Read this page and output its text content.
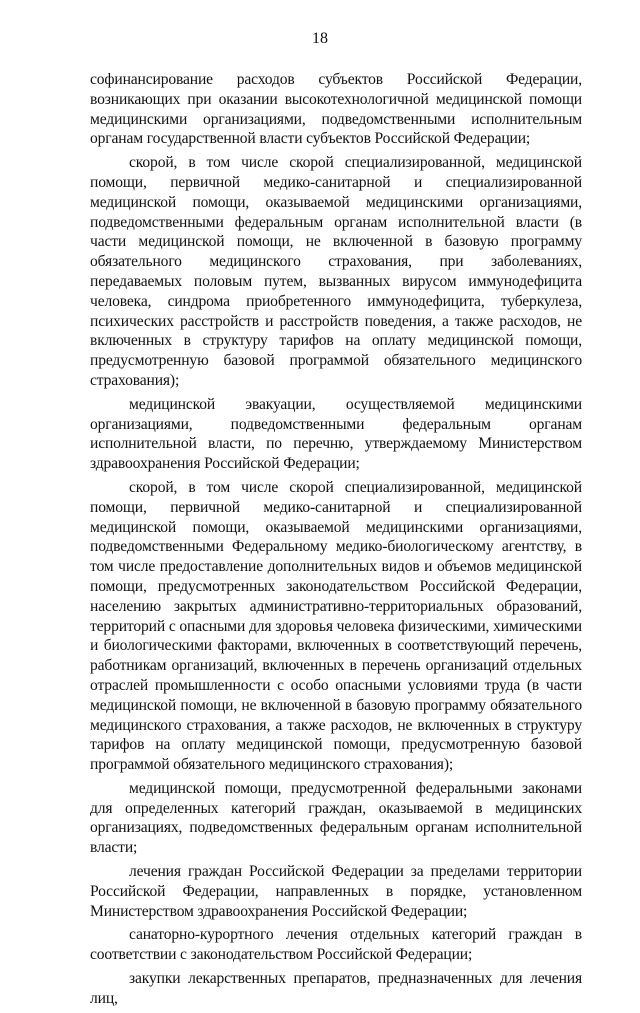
18

софинансирование расходов субъектов Российской Федерации, возникающих при оказании высокотехнологичной медицинской помощи медицинскими организациями, подведомственными исполнительным органам государственной власти субъектов Российской Федерации;

скорой, в том числе скорой специализированной, медицинской помощи, первичной медико-санитарной и специализированной медицинской помощи, оказываемой медицинскими организациями, подведомственными федеральным органам исполнительной власти (в части медицинской помощи, не включенной в базовую программу обязательного медицинского страхования, при заболеваниях, передаваемых половым путем, вызванных вирусом иммунодефицита человека, синдрома приобретенного иммунодефицита, туберкулеза, психических расстройств и расстройств поведения, а также расходов, не включенных в структуру тарифов на оплату медицинской помощи, предусмотренную базовой программой обязательного медицинского страхования);

медицинской эвакуации, осуществляемой медицинскими организациями, подведомственными федеральным органам исполнительной власти, по перечню, утверждаемому Министерством здравоохранения Российской Федерации;

скорой, в том числе скорой специализированной, медицинской помощи, первичной медико-санитарной и специализированной медицинской помощи, оказываемой медицинскими организациями, подведомственными Федеральному медико-биологическому агентству, в том числе предоставление дополнительных видов и объемов медицинской помощи, предусмотренных законодательством Российской Федерации, населению закрытых административно-территориальных образований, территорий с опасными для здоровья человека физическими, химическими и биологическими факторами, включенных в соответствующий перечень, работникам организаций, включенных в перечень организаций отдельных отраслей промышленности с особо опасными условиями труда (в части медицинской помощи, не включенной в базовую программу обязательного медицинского страхования, а также расходов, не включенных в структуру тарифов на оплату медицинской помощи, предусмотренную базовой программой обязательного медицинского страхования);

медицинской помощи, предусмотренной федеральными законами для определенных категорий граждан, оказываемой в медицинских организациях, подведомственных федеральным органам исполнительной власти;

лечения граждан Российской Федерации за пределами территории Российской Федерации, направленных в порядке, установленном Министерством здравоохранения Российской Федерации;

санаторно-курортного лечения отдельных категорий граждан в соответствии с законодательством Российской Федерации;

закупки лекарственных препаратов, предназначенных для лечения лиц,
